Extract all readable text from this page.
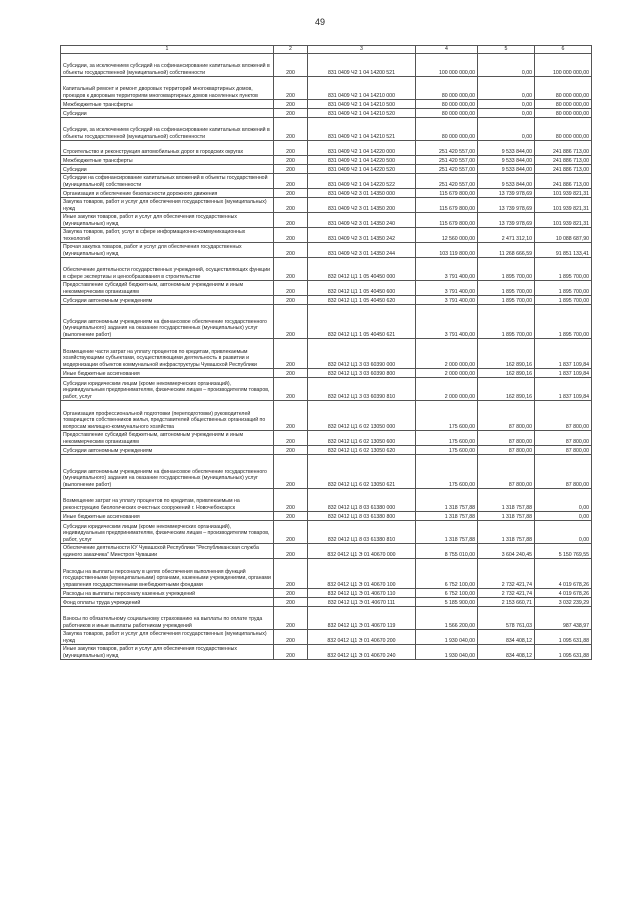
49
1	2	3	4	5	6
Субсидии, за исключением субсидий на софинансирование капитальных вложений в объекты государственной (муниципальной) собственности	200	831 0409 Ч2 1 04 14200 521	100 000 000,00	0,00	100 000 000,00
Капитальный ремонт и ремонт дворовых территорий многоквартирных домов, проездов к дворовым территориям многоквартирных домов населенных пунктов	200	831 0409 Ч2 1 04 14210 000	80 000 000,00	0,00	80 000 000,00
Межбюджетные трансферты	200	831 0409 Ч2 1 04 14210 500	80 000 000,00	0,00	80 000 000,00
Субсидии	200	831 0409 Ч2 1 04 14210 520	80 000 000,00	0,00	80 000 000,00
Субсидии, за исключением субсидий на софинансирование капитальных вложений в объекты государственной (муниципальной) собственности	200	831 0409 Ч2 1 04 14210 521	80 000 000,00	0,00	80 000 000,00
Строительство и реконструкция автомобильных дорог в городских округах	200	831 0409 Ч2 1 04 14220 000	251 420 557,00	9 533 844,00	241 886 713,00
Межбюджетные трансферты	200	831 0409 Ч2 1 04 14220 500	251 420 557,00	9 533 844,00	241 886 713,00
Субсидии	200	831 0409 Ч2 1 04 14220 520	251 420 557,00	9 533 844,00	241 886 713,00
Субсидии на софинансирование капитальных вложений в объекты государственной (муниципальной) собственности	200	831 0409 Ч2 1 04 14220 522	251 420 557,00	9 533 844,00	241 886 713,00
Организация и обеспечение безопасности дорожного движения	200	831 0409 Ч2 3 01 14350 000	115 679 800,00	13 739 978,69	101 939 821,31
Закупка товаров, работ и услуг для обеспечения государственных (муниципальных) нужд	200	831 0409 Ч2 3 01 14350 200	115 679 800,00	13 739 978,69	101 939 821,31
Иные закупки товаров, работ и услуг для обеспечения государственных (муниципальных) нужд	200	831 0409 Ч2 3 01 14350 240	115 679 800,00	13 739 978,69	101 939 821,31
Закупка товаров, работ, услуг в сфере информационно-коммуникационных технологий	200	831 0409 Ч2 3 01 14350 242	12 560 000,00	2 471 312,10	10 088 687,90
Прочая закупка товаров, работ и услуг для обеспечения государственных (муниципальных) нужд	200	831 0409 Ч2 3 01 14350 244	103 119 800,00	11 268 666,59	91 851 133,41
Обеспечение деятельности государственных учреждений, осуществляющих функции в сфере экспертизы и ценообразования в строительстве	200	832 0412 Ц1 1 05 40450 000	3 791 400,00	1 895 700,00	1 895 700,00
Предоставление субсидий бюджетным, автономным учреждениям и иным некоммерческим организациям	200	832 0412 Ц1 1 05 40450 600	3 791 400,00	1 895 700,00	1 895 700,00
Субсидии автономным учреждениям	200	832 0412 Ц1 1 05 40450 620	3 791 400,00	1 895 700,00	1 895 700,00
Субсидии автономным учреждениям на финансовое обеспечение государственного (муниципального) задания на оказание государственных (муниципальных) услуг (выполнение работ)	200	832 0412 Ц1 1 05 40450 621	3 791 400,00	1 895 700,00	1 895 700,00
Возмещение части затрат на уплату процентов по кредитам, привлекаемым хозяйствующими субъектами, осуществляющими деятельность в развитии и модернизации объектов коммунальной инфраструктуры Чувашской Республики	200	832 0412 Ц1 3 03 60390 000	2 000 000,00	162 890,16	1 837 109,84
Иные бюджетные ассигнования	200	832 0412 Ц1 3 03 60390 800	2 000 000,00	162 890,16	1 837 109,84
Субсидии юридическим лицам (кроме некоммерческих организаций), индивидуальным предпринимателям, физическим лицам – производителям товаров, работ, услуг	200	832 0412 Ц1 3 03 60390 810	2 000 000,00	162 890,16	1 837 109,84
Организация профессиональной подготовки (переподготовки) руководителей товариществ собственников жилья, представителей общественных организаций по вопросам жилищно-коммунального хозяйства	200	832 0412 Ц1 6 02 13050 000	175 600,00	87 800,00	87 800,00
Предоставление субсидий бюджетным, автономным учреждениям и иным некоммерческим организациям	200	832 0412 Ц1 6 02 13050 600	175 600,00	87 800,00	87 800,00
Субсидии автономным учреждениям	200	832 0412 Ц1 6 02 13050 620	175 600,00	87 800,00	87 800,00
Субсидии автономным учреждениям на финансовое обеспечение государственного (муниципального) задания на оказание государственных (муниципальных) услуг (выполнение работ)	200	832 0412 Ц1 6 02 13050 621	175 600,00	87 800,00	87 800,00
Возмещение затрат на уплату процентов по кредитам, привлекаемым на реконструкцию биологических очистных сооружений г. Новочебоксарск	200	832 0412 Ц1 8 03 61380 000	1 318 757,88	1 318 757,88	0,00
Иные бюджетные ассигнования	200	832 0412 Ц1 8 03 61380 800	1 318 757,88	1 318 757,88	0,00
Субсидии юридическим лицам (кроме некоммерческих организаций), индивидуальным предпринимателям, физическим лицам – производителям товаров, работ, услуг	200	832 0412 Ц1 8 03 61380 810	1 318 757,88	1 318 757,88	0,00
Обеспечение деятельности КУ Чувашской Республики "Республиканская служба единого заказчика" Минстроя Чувашии	200	832 0412 Ц1 Э 01 40670 000	8 755 010,00	3 604 240,45	5 150 769,55
Расходы на выплаты персоналу в целях обеспечения выполнения функций государственными (муниципальными) органами, казенными учреждениями, органами управления государственными внебюджетными фондами	200	832 0412 Ц1 Э 01 40670 100	6 752 100,00	2 732 421,74	4 019 678,26
Расходы на выплаты персоналу казенных учреждений	200	832 0412 Ц1 Э 01 40670 110	6 752 100,00	2 732 421,74	4 019 678,26
Фонд оплаты труда учреждений	200	832 0412 Ц1 Э 01 40670 111	5 185 900,00	2 153 660,71	3 032 239,29
Взносы по обязательному социальному страхованию на выплаты по оплате труда работников и иные выплаты работникам учреждений	200	832 0412 Ц1 Э 01 40670 119	1 566 200,00	578 761,03	987 438,97
Закупка товаров, работ и услуг для обеспечения государственных (муниципальных) нужд	200	832 0412 Ц1 Э 01 40670 200	1 930 040,00	834 408,12	1 095 631,88
Иные закупки товаров, работ и услуг для обеспечения государственных (муниципальных) нужд	200	832 0412 Ц1 Э 01 40670 240	1 930 040,00	834 408,12	1 095 631,88
